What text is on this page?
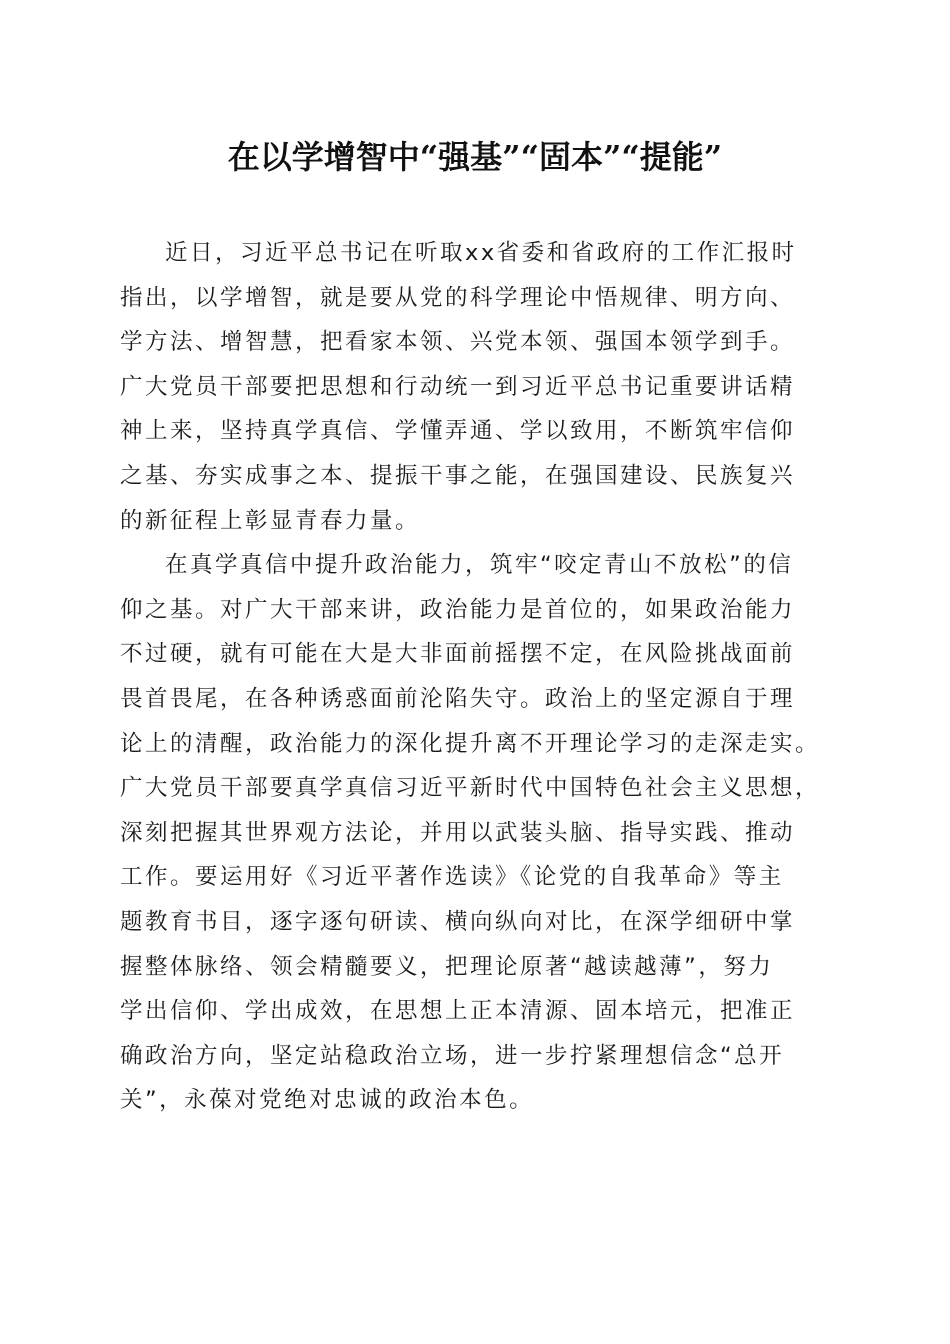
在以学增智中“强基”“固本”“提能”

近日，习近平总书记在听取xx省委和省政府的工作汇报时
指出，以学增智，就是要从党的科学理论中悟规律、明方向、
学方法、增智慧，把看家本领、兴党本领、强国本领学到手。
广大党员干部要把思想和行动统一到习近平总书记重要讲话精
神上来，坚持真学真信、学懂弄通、学以致用，不断筑牢信仰
之基、夯实成事之本、提振干事之能，在强国建设、民族复兴
的新征程上彰显青春力量。

在真学真信中提升政治能力，筑牢“咬定青山不放松”的信
仰之基。对广大干部来讲，政治能力是首位的，如果政治能力
不过硬，就有可能在大是大非面前摇摆不定，在风险挑战面前
畏首畏尾，在各种诱惑面前沦陷失守。政治上的坚定源自于理
论上的清醒，政治能力的深化提升离不开理论学习的走深走实。
广大党员干部要真学真信习近平新时代中国特色社会主义思想，
深刻把握其世界观方法论，并用以武装头脑、指导实践、推动
工作。要运用好《习近平著作选读》《论党的自我革命》等主
题教育书目，逐字逐句研读、横向纵向对比，在深学细研中掌
握整体脉络、领会精髓要义，把理论原著“越读越薄”，努力
学出信仰、学出成效，在思想上正本清源、固本培元，把准正
确政治方向，坚定站稳政治立场，进一步拧紧理想信念“总开
关”，永葆对党绝对忠诚的政治本色。
